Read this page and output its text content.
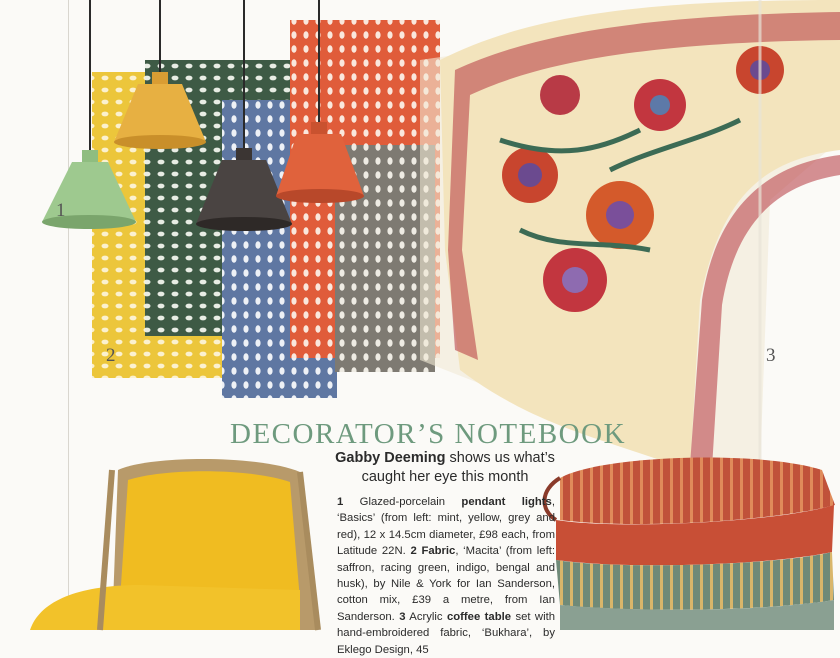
1
2	3
DECORATOR’S NOTEBOOK
Gabby Deeming shows us what’s
caught her eye this month
1 Glazed-porcelain pendant lights, ‘Basics’ (from left: mint, yellow, grey and red), 12 x 14.5cm diameter, £98 each, from Latitude 22N. 2 Fabric, ‘Macita’ (from left: saffron, racing green, indigo, bengal and husk), by Nile & York for Ian Sanderson, cotton mix, £39 a metre, from Ian Sanderson. 3 Acrylic coffee table set with hand-embroidered fabric, ‘Bukhara’, by Eklego Design, 45
